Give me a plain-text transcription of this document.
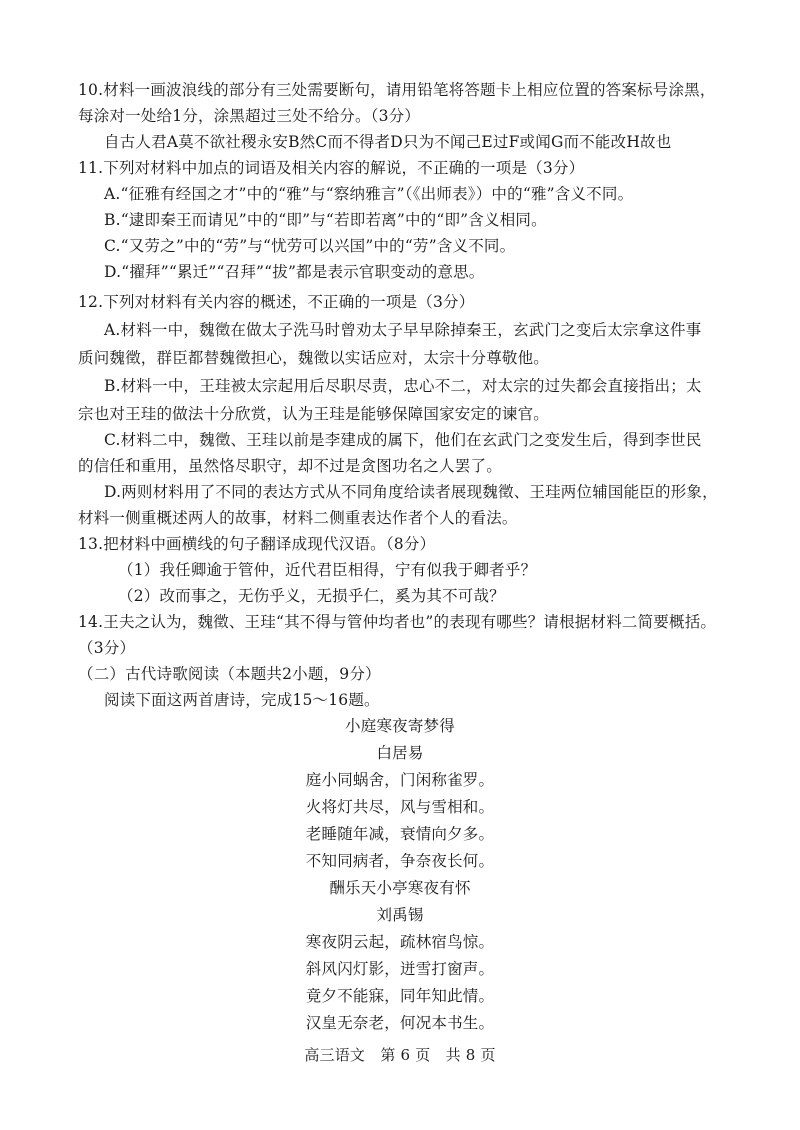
10.材料一画波浪线的部分有三处需要断句，请用铅笔将答题卡上相应位置的答案标号涂黑，
每涂对一处给1分，涂黑超过三处不给分。（3分）
自古人君A莫不欲社稷永安B然C而不得者D只为不闻己E过F或闻G而不能改H故也
11.下列对材料中加点的词语及相关内容的解说，不正确的一项是（3分）
A.“征雅有经国之才”中的“雅”与“察纳雅言”（《出师表》）中的“雅”含义不同。
B.“逮即秦王而请见”中的“即”与“若即若离”中的“即”含义相同。
C.“又劳之”中的“劳”与“忧劳可以兴国”中的“劳”含义不同。
D.“擢拜”“累迁”“召拜”“拔”都是表示官职变动的意思。
12.下列对材料有关内容的概述，不正确的一项是（3分）
A.材料一中，魏徵在做太子洗马时曾劝太子早早除掉秦王，玄武门之变后太宗拿这件事
质问魏徵，群臣都替魏徵担心，魏徵以实话应对，太宗十分尊敬他。
B.材料一中，王珪被太宗起用后尽职尽责，忠心不二，对太宗的过失都会直接指出；太
宗也对王珪的做法十分欣赏，认为王珪是能够保障国家安定的谏官。
C.材料二中，魏徵、王珪以前是李建成的属下，他们在玄武门之变发生后，得到李世民
的信任和重用，虽然恪尽职守，却不过是贪图功名之人罢了。
D.两则材料用了不同的表达方式从不同角度给读者展现魏徵、王珪两位辅国能臣的形象，
材料一侧重概述两人的故事，材料二侧重表达作者个人的看法。
13.把材料中画横线的句子翻译成现代汉语。（8分）
（1）我任卿逾于管仲，近代君臣相得，宁有似我于卿者乎？
（2）改而事之，无伤乎义，无损乎仁，奚为其不可哉？
14.王夫之认为，魏徵、王珪“其不得与管仲均者也”的表现有哪些？请根据材料二简要概括。
（3分）
（二）古代诗歌阅读（本题共2小题，9分）
阅读下面这两首唐诗，完成15～16题。
小庭寒夜寄梦得
白居易
庭小同蜗舍，门闲称雀罗。
火将灯共尽，风与雪相和。
老睡随年减，衰情向夕多。
不知同病者，争奈夜长何。
酬乐天小亭寒夜有怀
刘禹锡
寒夜阴云起，疏林宿鸟惊。
斜风闪灯影，迸雪打窗声。
竟夕不能寐，同年知此情。
汉皇无奈老，何况本书生。
高三语文　第 6 页　共 8 页
